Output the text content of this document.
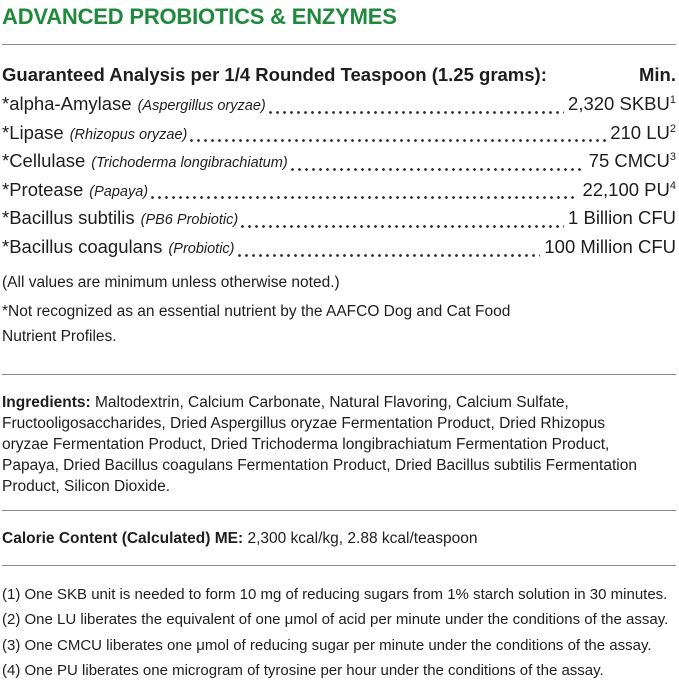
ADVANCED PROBIOTICS & ENZYMES
Guaranteed Analysis per 1/4 Rounded Teaspoon (1.25 grams):	Min.
*alpha-Amylase (Aspergillus oryzae)	2,320 SKBU$^1$
*Lipase (Rhizopus oryzae)	210 $LU^2$
*Cellulase (Trichoderma longibrachiatum)	75 CMCU$^3$
*Protease (Papaya)	22,100 $PU^4$
*Bacillus subtilis (PB6 Probiotic)	1 Billion CFU
*Bacillus coagulans (Probiotic)	100 Million CFU
(All values are minimum unless otherwise noted.)
*Not recognized as an essential nutrient by the AAFCO Dog and Cat Food Nutrient Profiles.
Ingredients: Maltodextrin, Calcium Carbonate, Natural Flavoring, Calcium Sulfate, Fructooligosaccharides, Dried Aspergillus oryzae Fermentation Product, Dried Rhizopus oryzae Fermentation Product, Dried Trichoderma longibrachiatum Fermentation Product, Papaya, Dried Bacillus coagulans Fermentation Product, Dried Bacillus subtilis Fermentation Product, Silicon Dioxide.
Calorie Content (Calculated) ME: 2,300 kcal/kg, 2.88 kcal/teaspoon
(1) One SKB unit is needed to form 10 mg of reducing sugars from 1% starch solution in 30 minutes.
(2) One LU liberates the equivalent of one μmol of acid per minute under the conditions of the assay.
(3) One CMCU liberates one μmol of reducing sugar per minute under the conditions of the assay.
(4) One PU liberates one microgram of tyrosine per hour under the conditions of the assay.
